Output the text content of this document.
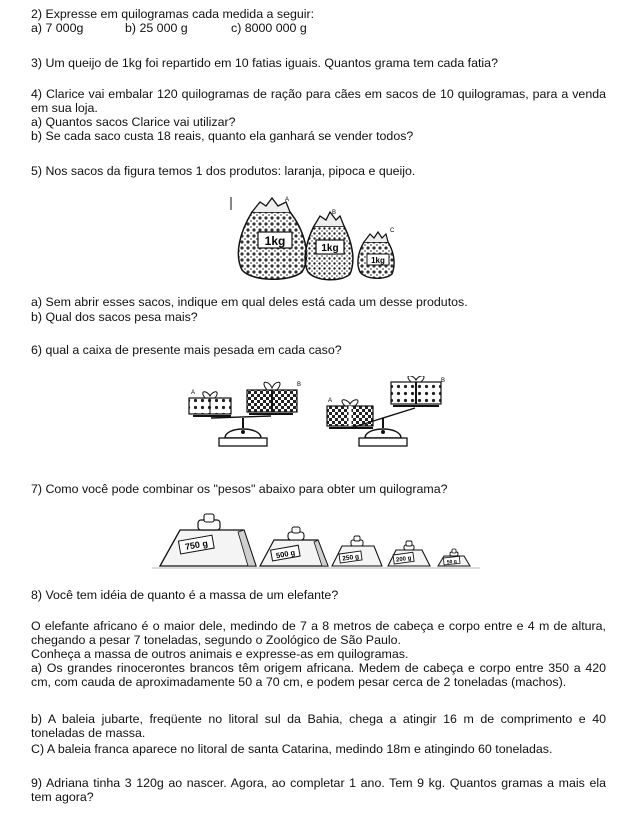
2) Expresse em quilogramas cada medida a seguir:
a) 7 000g	b) 25 000 g	c) 8000 000 g
3) Um queijo de 1kg foi repartido em 10 fatias iguais. Quantos grama tem cada fatia?
4) Clarice vai embalar 120 quilogramas de ração para cães em sacos de 10 quilogramas, para a venda em sua loja.
a) Quantos sacos Clarice vai utilizar?
b) Se cada saco custa 18 reais, quanto ela ganhará se vender todos?
5) Nos sacos da figura temos 1 dos produtos: laranja, pipoca e queijo.
1kg
A
1kg
B
1kg
C
a) Sem abrir esses sacos, indique em qual deles está cada um desse produtos.
b) Qual dos sacos pesa mais?
6) qual a caixa de presente mais pesada em cada caso?
A
B
A
B
7) Como você pode combinar os "pesos" abaixo para obter um quilograma?
750 g
500 g	250 g	200 g	50 g
8) Você tem idéia de quanto é a massa de um elefante?
O elefante africano é o maior dele, medindo de 7 a 8 metros de cabeça e corpo entre e 4 m de altura, chegando a pesar 7 toneladas, segundo o Zoológico de São Paulo.
Conheça a massa de outros animais e expresse-as em quilogramas.
a) Os grandes rinocerontes brancos têm origem africana. Medem de cabeça e corpo entre 350 a 420 cm, com cauda de aproximadamente 50 a 70 cm, e podem pesar cerca de 2 toneladas (machos).
b) A baleia jubarte, freqüente no litoral sul da Bahia, chega a atingir 16 m de comprimento e 40 toneladas de massa.
C) A baleia franca aparece no litoral de santa Catarina, medindo 18m e atingindo 60 toneladas.
9) Adriana tinha 3 120g ao nascer. Agora, ao completar 1 ano. Tem 9 kg. Quantos gramas a mais ela tem agora?
